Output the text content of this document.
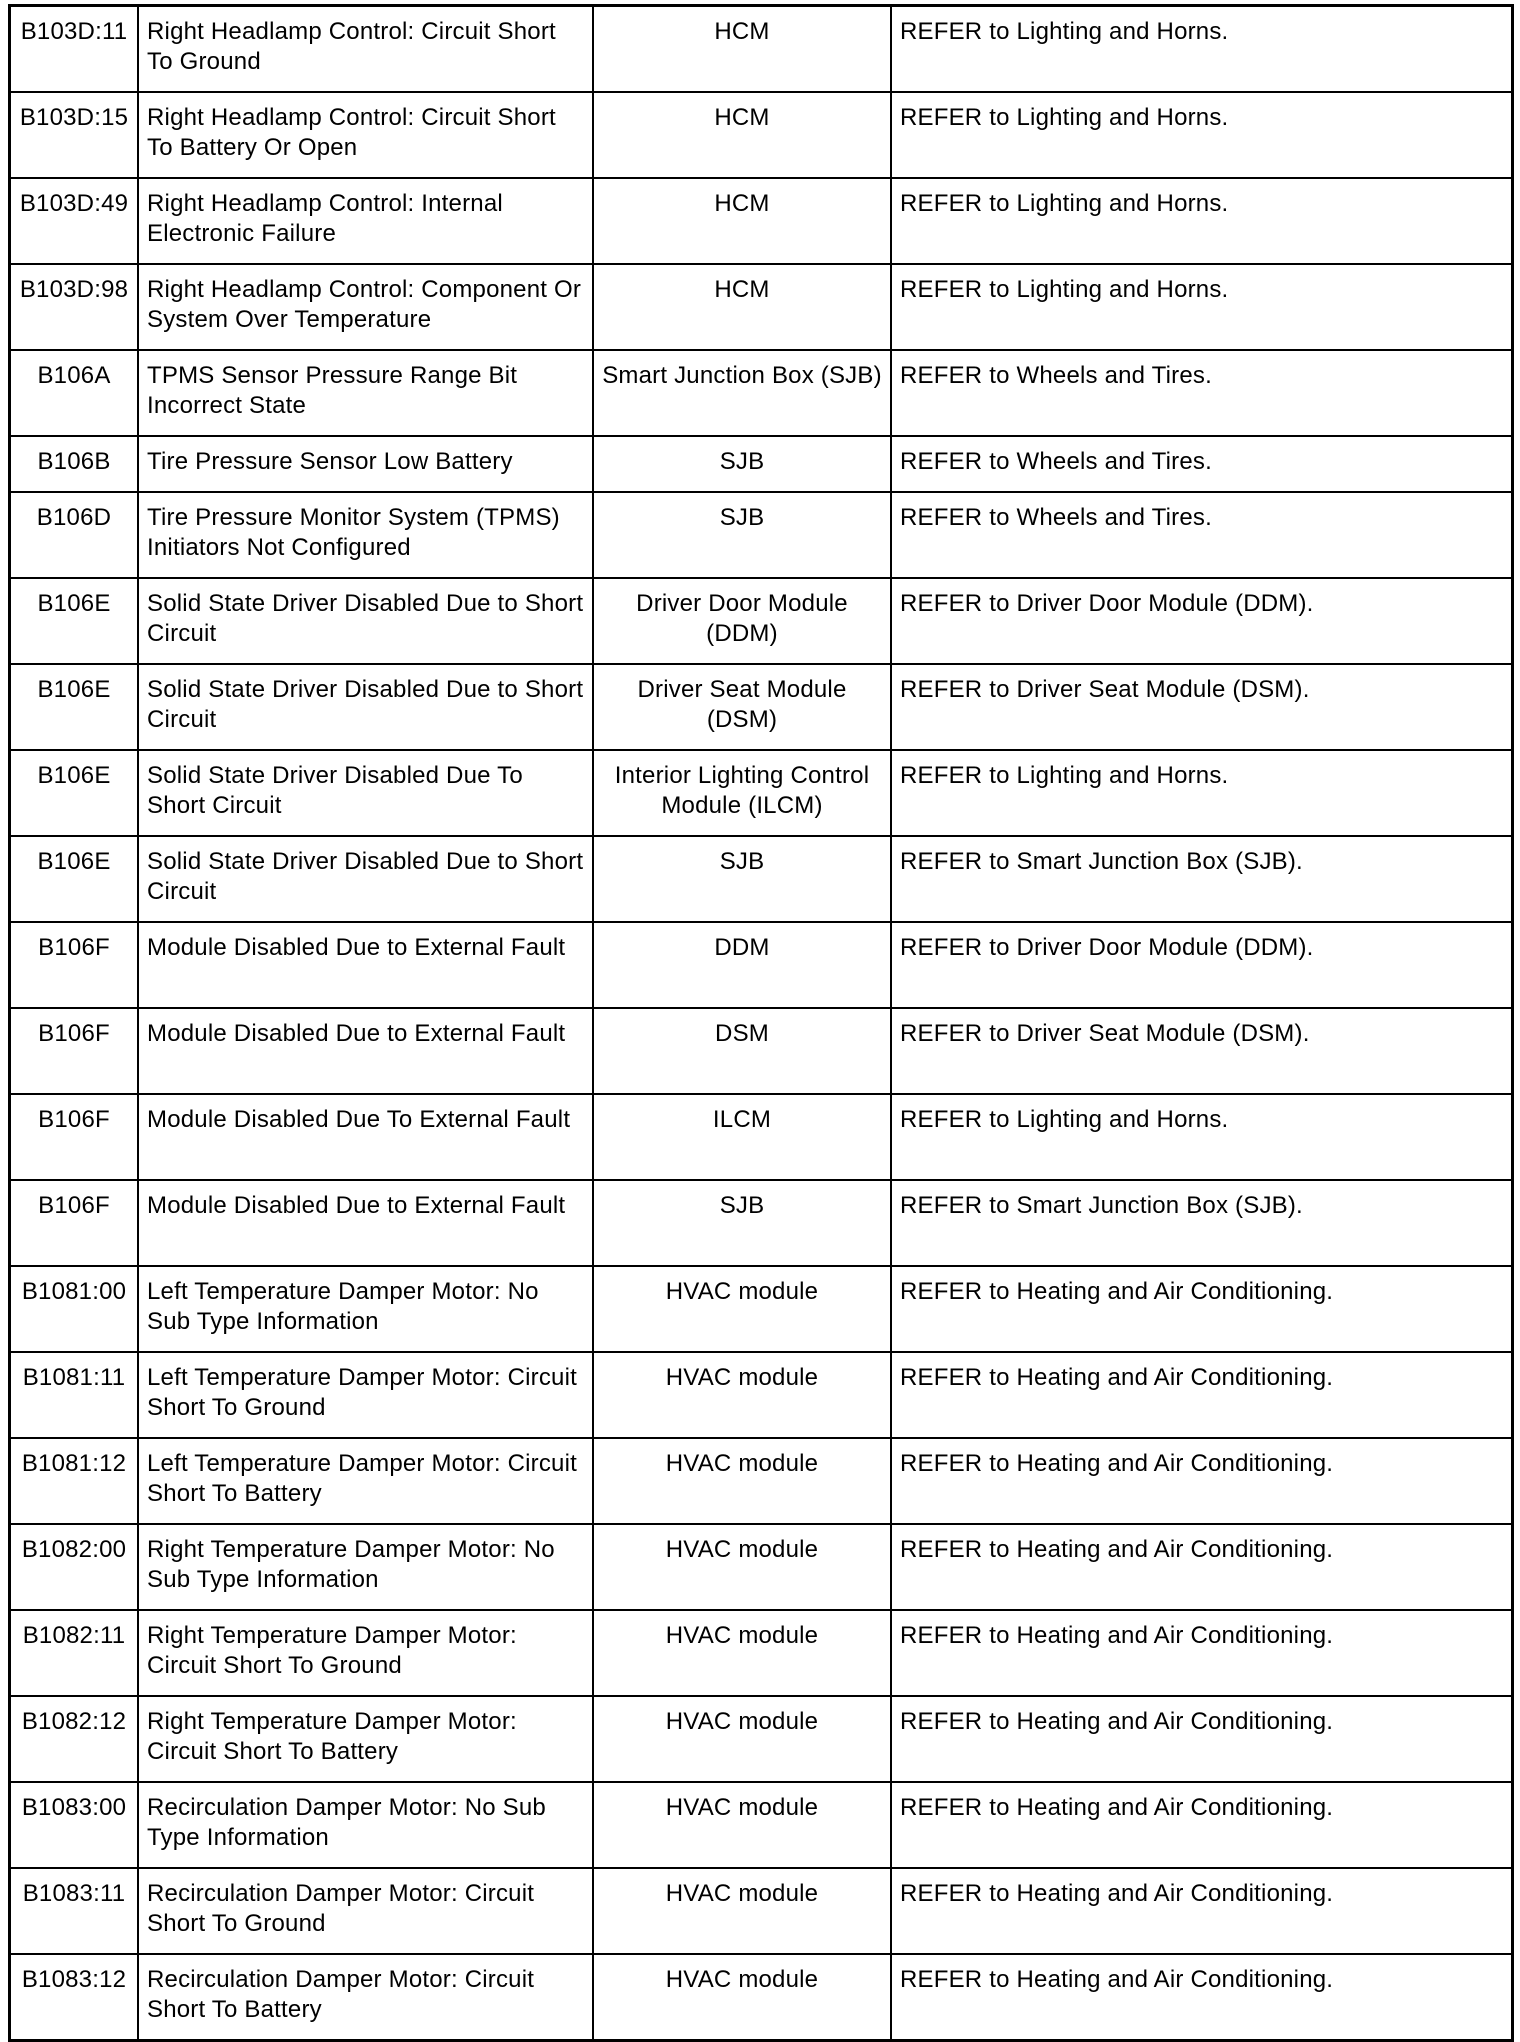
B103D:11	Right Headlamp Control: Circuit Short To Ground	HCM	REFER to Lighting and Horns.
B103D:15	Right Headlamp Control: Circuit Short To Battery Or Open	HCM	REFER to Lighting and Horns.
B103D:49	Right Headlamp Control: Internal Electronic Failure	HCM	REFER to Lighting and Horns.
B103D:98	Right Headlamp Control: Component Or System Over Temperature	HCM	REFER to Lighting and Horns.
B106A	TPMS Sensor Pressure Range Bit Incorrect State	Smart Junction Box (SJB)	REFER to Wheels and Tires.
B106B	Tire Pressure Sensor Low Battery	SJB	REFER to Wheels and Tires.
B106D	Tire Pressure Monitor System (TPMS) Initiators Not Configured	SJB	REFER to Wheels and Tires.
B106E	Solid State Driver Disabled Due to Short Circuit	Driver Door Module (DDM)	REFER to Driver Door Module (DDM).
B106E	Solid State Driver Disabled Due to Short Circuit	Driver Seat Module (DSM)	REFER to Driver Seat Module (DSM).
B106E	Solid State Driver Disabled Due To Short Circuit	Interior Lighting Control Module (ILCM)	REFER to Lighting and Horns.
B106E	Solid State Driver Disabled Due to Short Circuit	SJB	REFER to Smart Junction Box (SJB).
B106F	Module Disabled Due to External Fault	DDM	REFER to Driver Door Module (DDM).
B106F	Module Disabled Due to External Fault	DSM	REFER to Driver Seat Module (DSM).
B106F	Module Disabled Due To External Fault	ILCM	REFER to Lighting and Horns.
B106F	Module Disabled Due to External Fault	SJB	REFER to Smart Junction Box (SJB).
B1081:00	Left Temperature Damper Motor: No Sub Type Information	HVAC module	REFER to Heating and Air Conditioning.
B1081:11	Left Temperature Damper Motor: Circuit Short To Ground	HVAC module	REFER to Heating and Air Conditioning.
B1081:12	Left Temperature Damper Motor: Circuit Short To Battery	HVAC module	REFER to Heating and Air Conditioning.
B1082:00	Right Temperature Damper Motor: No Sub Type Information	HVAC module	REFER to Heating and Air Conditioning.
B1082:11	Right Temperature Damper Motor: Circuit Short To Ground	HVAC module	REFER to Heating and Air Conditioning.
B1082:12	Right Temperature Damper Motor: Circuit Short To Battery	HVAC module	REFER to Heating and Air Conditioning.
B1083:00	Recirculation Damper Motor: No Sub Type Information	HVAC module	REFER to Heating and Air Conditioning.
B1083:11	Recirculation Damper Motor: Circuit Short To Ground	HVAC module	REFER to Heating and Air Conditioning.
B1083:12	Recirculation Damper Motor: Circuit Short To Battery	HVAC module	REFER to Heating and Air Conditioning.
